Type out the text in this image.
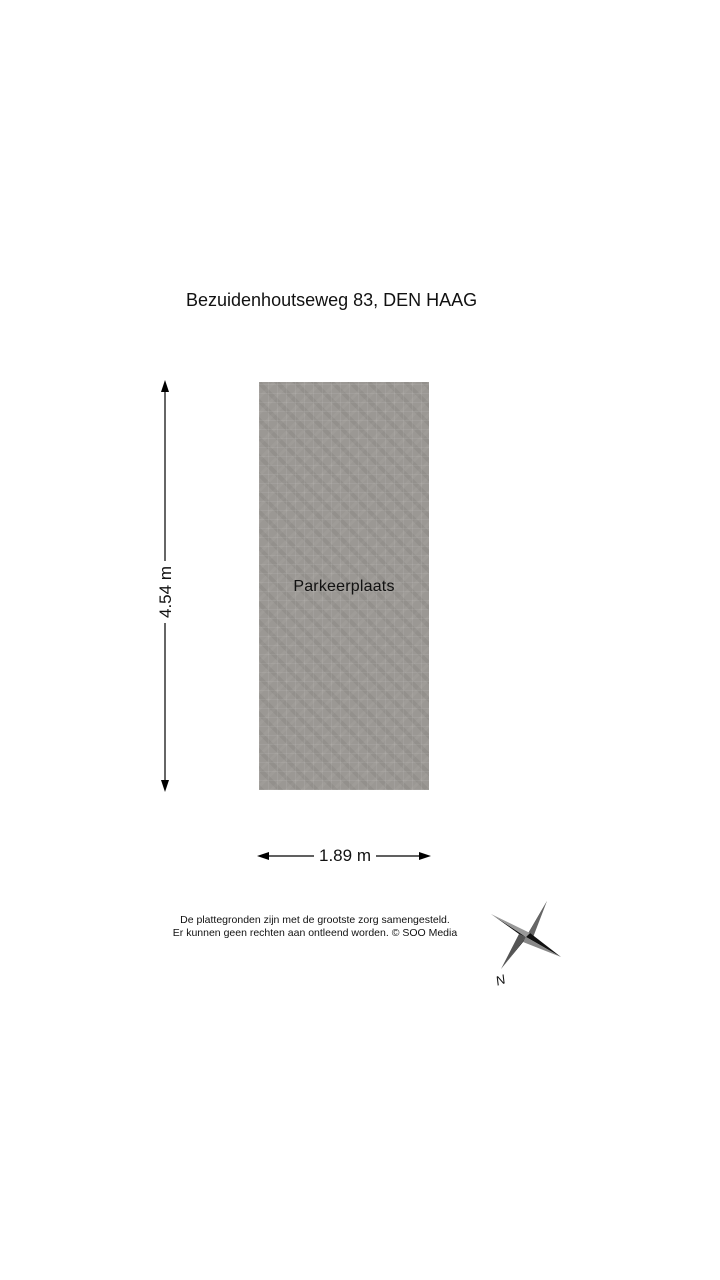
Bezuidenhoutseweg 83, DEN HAAG
4.54 m
1.89 m
Parkeerplaats
De plattegronden zijn met de grootste zorg samengesteld.
Er kunnen geen rechten aan ontleend worden. © SOO Media
N
